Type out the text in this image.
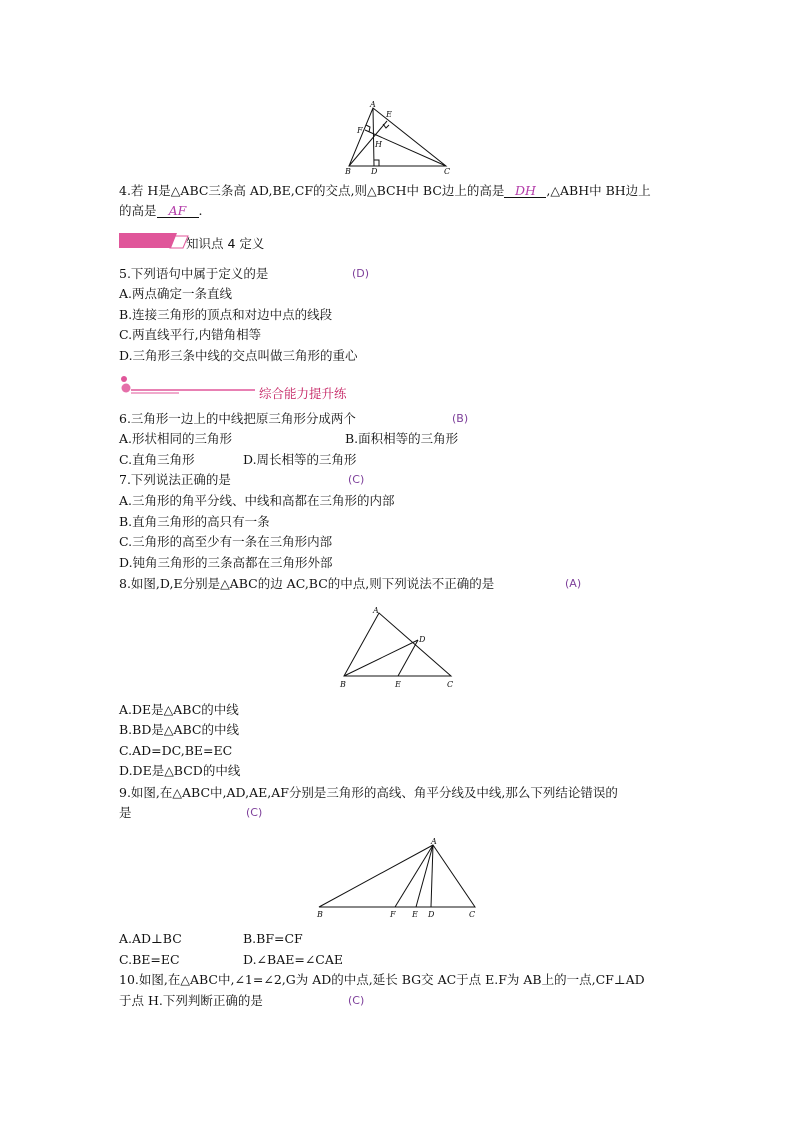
A
E
F
H
B	D	C
4.若 H是△ABC三条高 AD,BE,CF的交点,则△BCH中 BC边上的高是 DH ,△ABH中 BH边上
的高是 AF .
知识点 4 定义
5.下列语句中属于定义的是	(D)
A.两点确定一条直线
B.连接三角形的顶点和对边中点的线段
C.两直线平行,内错角相等
D.三角形三条中线的交点叫做三角形的重心
综合能力提升练
6.三角形一边上的中线把原三角形分成两个	(B)
A.形状相同的三角形	B.面积相等的三角形
C.直角三角形	D.周长相等的三角形
7.下列说法正确的是	(C)
A.三角形的角平分线、中线和高都在三角形的内部
B.直角三角形的高只有一条
C.三角形的高至少有一条在三角形内部
D.钝角三角形的三条高都在三角形外部
8.如图,D,E分别是△ABC的边 AC,BC的中点,则下列说法不正确的是	(A)
A
D
B	E	C
A.DE是△ABC的中线
B.BD是△ABC的中线
C.AD=DC,BE=EC
D.DE是△BCD的中线
9.如图,在△ABC中,AD,AE,AF分别是三角形的高线、角平分线及中线,那么下列结论错误的
是	(C)
A
B	F E D	C
A.AD⊥BC	B.BF=CF
C.BE=EC	D.∠BAE=∠CAE
10.如图,在△ABC中,∠1=∠2,G为 AD的中点,延长 BG交 AC于点 E.F为 AB上的一点,CF⊥AD
于点 H.下列判断正确的是	(C)
